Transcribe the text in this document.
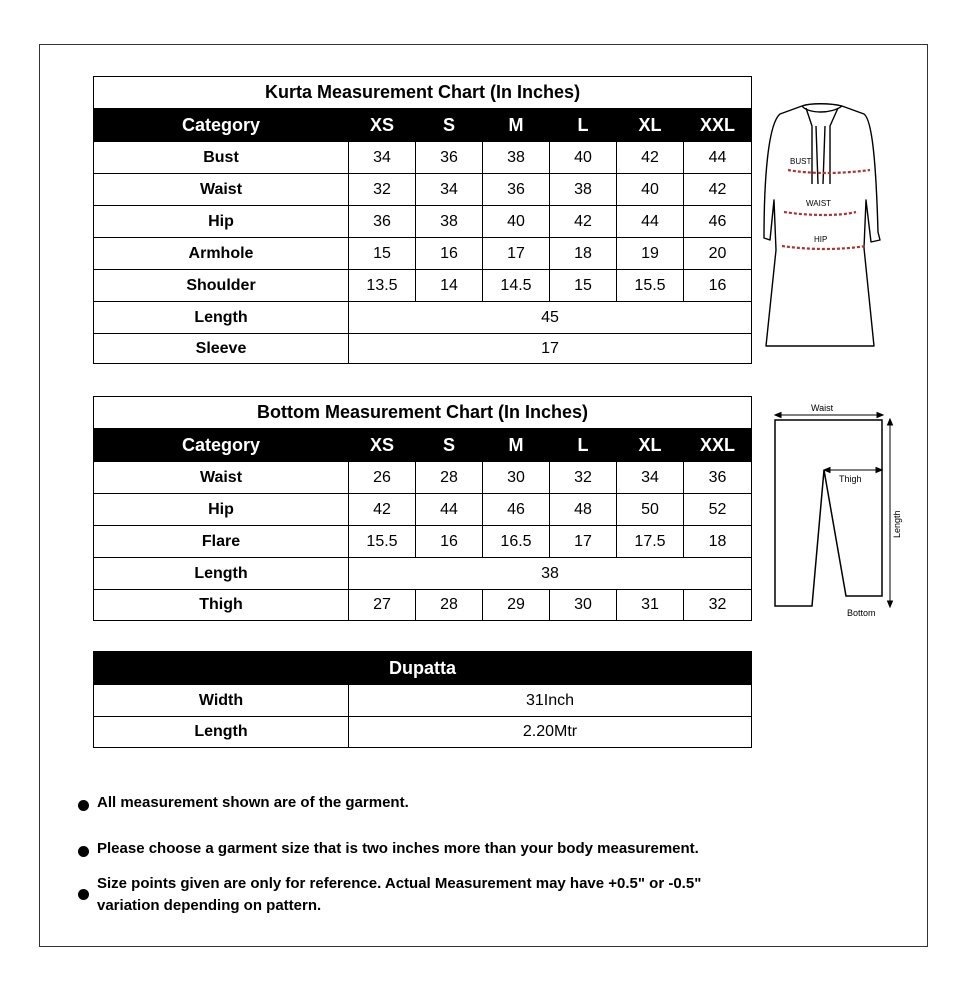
Kurta Measurement Chart (In Inches)						
Category	XS	S	M	L	XL	XXL
Bust	34	36	38	40	42	44
Waist	32	34	36	38	40	42
Hip	36	38	40	42	44	46
Armhole	15	16	17	18	19	20
Shoulder	13.5	14	14.5	15	15.5	16
Length	45					
Sleeve	17					
Bottom Measurement Chart (In Inches)						
Category	XS	S	M	L	XL	XXL
Waist	26	28	30	32	34	36
Hip	42	44	46	48	50	52
Flare	15.5	16	16.5	17	17.5	18
Length	38					
Thigh	27	28	29	30	31	32
Dupatta	
Width	31Inch
Length	2.20Mtr
BUST
WAIST
HIP
Waist
Thigh
Bottom
Length
All measurement shown are of the garment.
Please choose a garment size that is two inches more than your body measurement.
Size points given are only for reference. Actual Measurement may have +0.5" or -0.5" variation depending on pattern.
